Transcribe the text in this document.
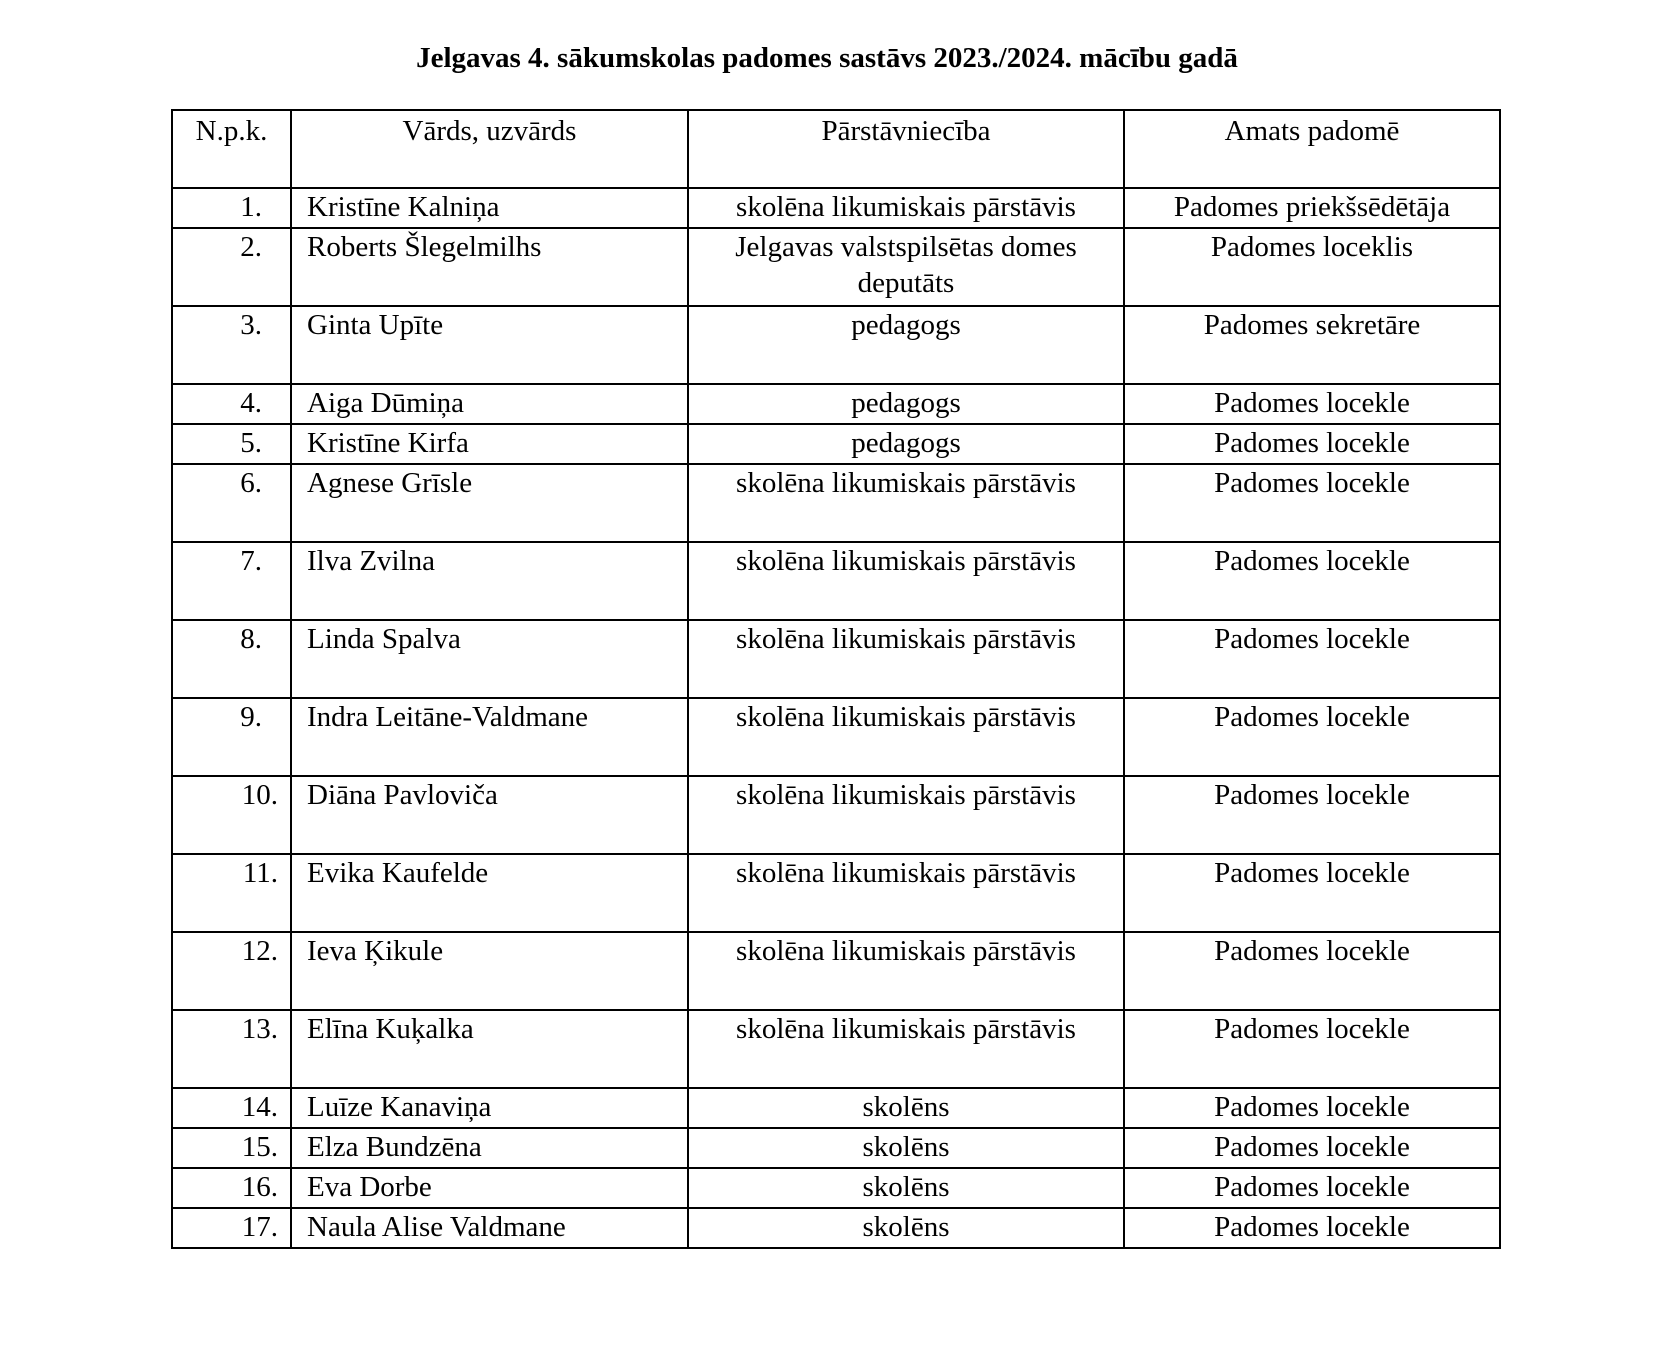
Jelgavas 4. sākumskolas padomes sastāvs 2023./2024. mācību gadā
N.p.k.	Vārds, uzvārds	Pārstāvniecība	Amats padomē
1.	Kristīne Kalniņa	skolēna likumiskais pārstāvis	Padomes priekšsēdētāja
2.	Roberts Šlegelmilhs	Jelgavas valstspilsētas domes deputāts	Padomes loceklis
3.	Ginta Upīte	pedagogs	Padomes sekretāre
4.	Aiga Dūmiņa	pedagogs	Padomes locekle
5.	Kristīne Kirfa	pedagogs	Padomes locekle
6.	Agnese Grīsle	skolēna likumiskais pārstāvis	Padomes locekle
7.	Ilva Zvilna	skolēna likumiskais pārstāvis	Padomes locekle
8.	Linda Spalva	skolēna likumiskais pārstāvis	Padomes locekle
9.	Indra Leitāne-Valdmane	skolēna likumiskais pārstāvis	Padomes locekle
10.	Diāna Pavloviča	skolēna likumiskais pārstāvis	Padomes locekle
11.	Evika Kaufelde	skolēna likumiskais pārstāvis	Padomes locekle
12.	Ieva Ķikule	skolēna likumiskais pārstāvis	Padomes locekle
13.	Elīna Kuķalka	skolēna likumiskais pārstāvis	Padomes locekle
14.	Luīze Kanaviņa	skolēns	Padomes locekle
15.	Elza Bundzēna	skolēns	Padomes locekle
16.	Eva Dorbe	skolēns	Padomes locekle
17.	Naula Alise Valdmane	skolēns	Padomes locekle
